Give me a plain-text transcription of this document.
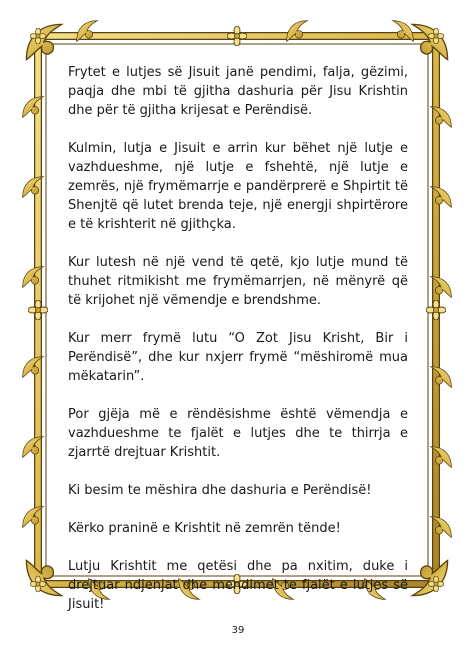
Frytet e lutjes së Jisuit janë pendimi, falja, gëzimi, paqja dhe mbi të gjitha dashuria për Jisu Krishtin dhe për të gjitha krijesat e Perëndisë.

Kulmin, lutja e Jisuit e arrin kur bëhet një lutje e vazhdueshme, një lutje e fshehtë, një lutje e zemrës, një frymëmarrje e pandërprerë e Shpirtit të Shenjtë që lutet brenda teje, një energji shpirtërore e të krishterit në gjithçka.

Kur lutesh në një vend të qetë, kjo lutje mund të thuhet ritmikisht me frymëmarrjen, në mënyrë që të krijohet një vëmendje e brendshme.

Kur merr frymë lutu “O Zot Jisu Krisht, Bir i Perëndisë”, dhe kur nxjerr frymë “mëshiromë mua mëkatarin”.

Por gjëja më e rëndësishme është vëmendja e vazhdueshme te fjalët e lutjes dhe te thirrja e zjarrtë drejtuar Krishtit.

Ki besim te mëshira dhe dashuria e Perëndisë!

Kërko praninë e Krishtit në zemrën tënde!

Lutju Krishtit me qetësi dhe pa nxitim, duke i drejtuar ndjenjat dhe mendimet te fjalët e lutjes së Jisuit!

39
